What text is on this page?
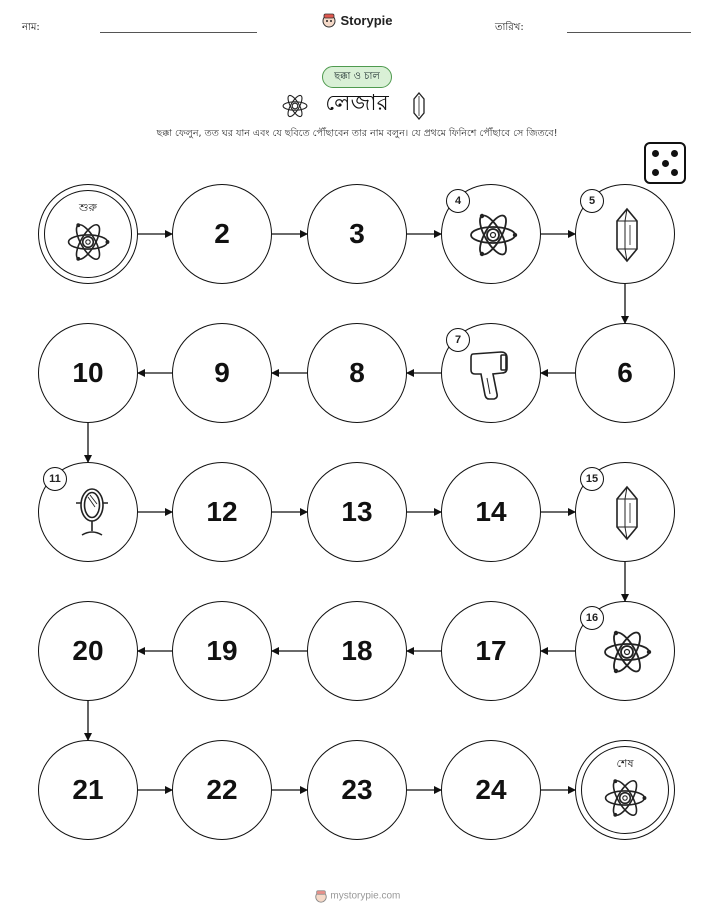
নাম:	Storypie	তারিখ:
ছক্কা ও চাল
লেজার
ছক্কা ফেলুন, তত ঘর যান এবং যে ছবিতে পৌঁছাবেন তার নাম বলুন। যে প্রথমে ফিনিশে পৌঁছাবে সে জিতবে!
শুরু
2	3
4	5
6
7
8
9
10
11
12	13	14
15
16
17
18
19
20
21	22	23	24
শেষ
mystorypie.com
